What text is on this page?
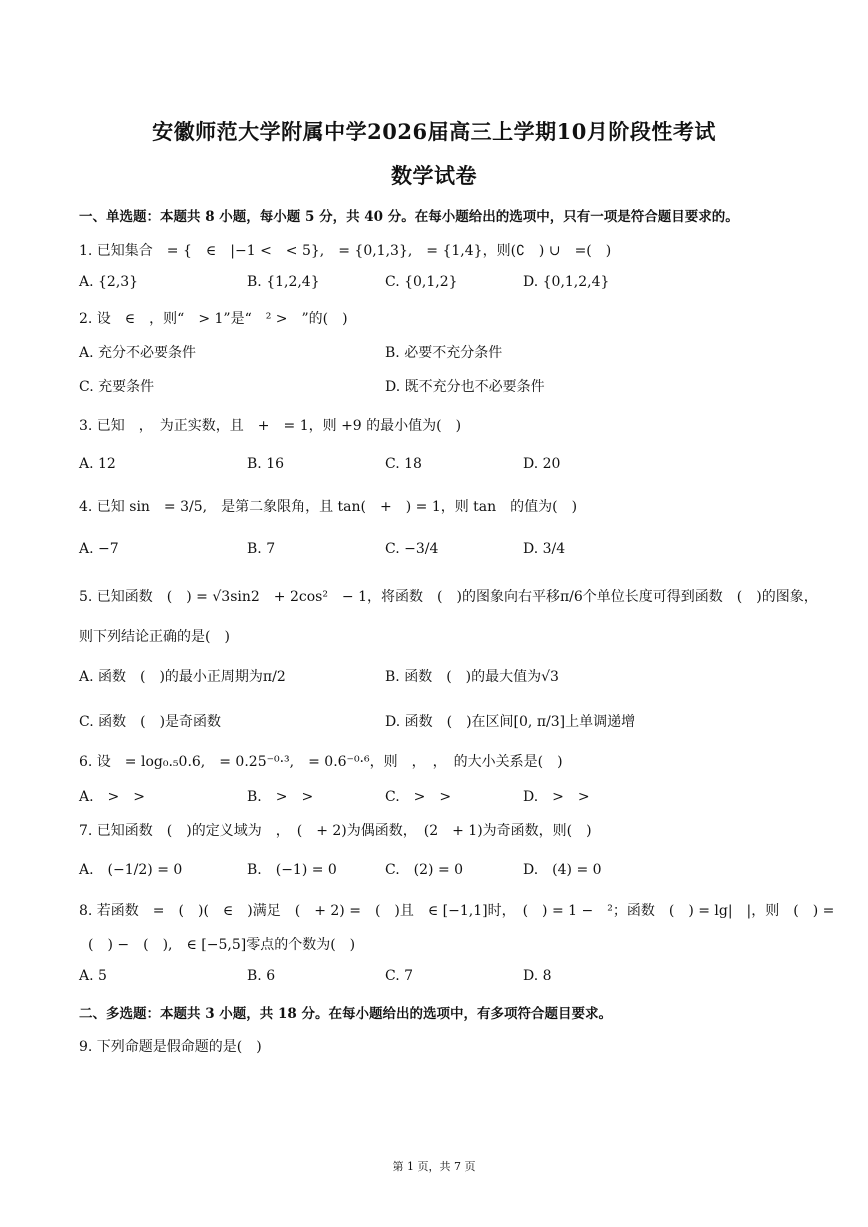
安徽师范大学附属中学2026届高三上学期10月阶段性考试
数学试卷
一、单选题：本题共 8 小题，每小题 5 分，共 40 分。在每小题给出的选项中，只有一项是符合题目要求的。
1. 已知集合　= {　∈　|−1 <　< 5},　= {0,1,3},　= {1,4}，则(∁　) ∪　=(　)
A. {2,3}	B. {1,2,4}	C. {0,1,2}	D. {0,1,2,4}
2. 设　∈　，则“　> 1”是“　² >　”的(　)
A. 充分不必要条件	B. 必要不充分条件
C. 充要条件	D. 既不充分也不必要条件
3. 已知　，　为正实数，且　+　= 1，则 +9 的最小值为(　)
A. 12	B. 16	C. 18	D. 20
4. 已知 sin　= 3/5,　是第二象限角，且 tan(　+　) = 1，则 tan　的值为(　)
A. −7	B. 7	C. −3/4	D. 3/4
5. 已知函数　(　) = √3sin2　+ 2cos²　− 1，将函数　(　)的图象向右平移π/6个单位长度可得到函数　(　)的图象，
则下列结论正确的是(　)
A. 函数　(　)的最小正周期为π/2	B. 函数　(　)的最大值为√3
C. 函数　(　)是奇函数	D. 函数　(　)在区间[0, π/3]上单调递增
6. 设　= log₀.₅0.6,　= 0.25⁻⁰·³,　= 0.6⁻⁰·⁶，则　，　，　的大小关系是(　)
A.　>　>	B.　>　>	C.　>　>	D.　>　>
7. 已知函数　(　)的定义域为　，　(　+ 2)为偶函数，　(2　+ 1)为奇函数，则(　)
A.　(−1/2) = 0	B.　(−1) = 0	C.　(2) = 0	D.　(4) = 0
8. 若函数　=　(　)(　∈　)满足　(　+ 2) =　(　)且　∈ [−1,1]时，　(　) = 1 −　²；函数　(　) = lg|　|，则　(　) =
(　) −　(　),　∈ [−5,5]零点的个数为(　)
A. 5	B. 6	C. 7	D. 8
二、多选题：本题共 3 小题，共 18 分。在每小题给出的选项中，有多项符合题目要求。
9. 下列命题是假命题的是(　)
第 1 页，共 7 页
